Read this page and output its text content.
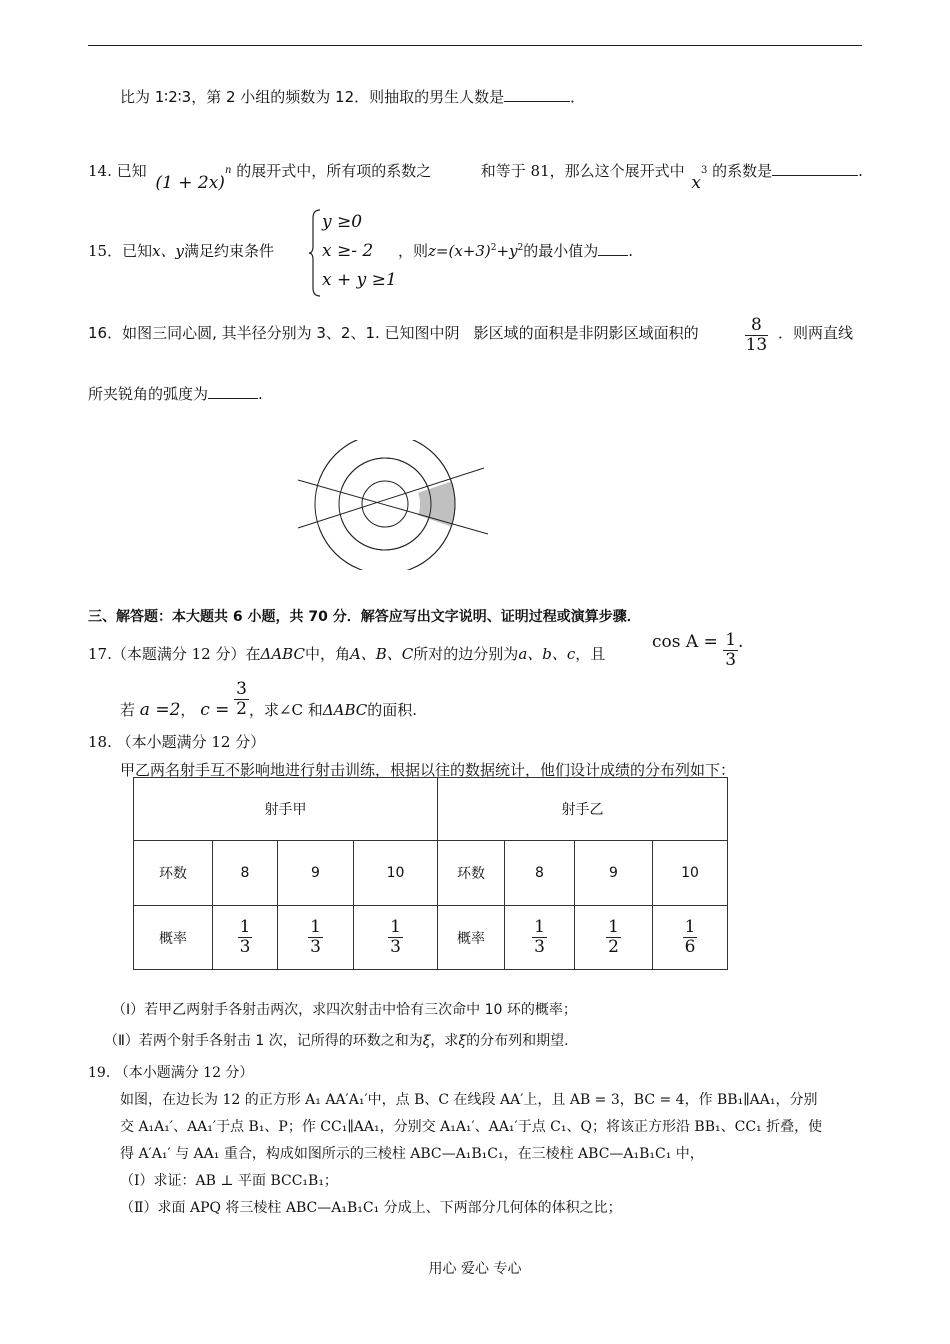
比为 1∶2∶3，第 2 小组的频数为 12．则抽取的男生人数是	．
14. 已知 $(1 + 2x)^n$ 的展开式中，所有项的系数之	和等于 81，那么这个展开式中 $x^3$ 的系数是	.
15．已知x、y满足约束条件
y ≥0
x ≥- 2
x + y ≥1
，则$z=(x+3)^2+y^2$的最小值为 .
16．如图三同心圆, 其半径分别为 3、2、1. 已知图中阴 影区域的面积是非阴影区域面积的	$\frac{8}{13}$ ．则两直线
所夹锐角的弧度为	.
三、解答题：本大题共 6 小题，共 70 分．解答应写出文字说明、证明过程或演算步骤．
17.（本题满分 12 分）在ΔABC中，角A、B、C所对的边分别为a、b、c，且
$\cos A = \frac{1}{3}$ .
若 a =2， $c = \frac{3}{2}$ ，求∠C 和ΔABC的面积.
18. （本小题满分 12 分）
甲乙两名射手互不影响地进行射击训练，根据以往的数据统计，他们设计成绩的分布列如下：
射手甲				射手乙			
环数	8	9	10	环数	8	9	10
概率	$\frac{1}{3}$	$\frac{1}{3}$	$\frac{1}{3}$	概率	$\frac{1}{3}$	$\frac{1}{2}$	$\frac{1}{6}$
（Ⅰ）若甲乙两射手各射击两次，求四次射击中恰有三次命中 10 环的概率；
（Ⅱ）若两个射手各射击 1 次，记所得的环数之和为ξ，求ξ的分布列和期望.
19. （本小题满分 12 分）
如图，在边长为 12 的正方形 A₁ AA′A₁′中，点 B、C 在线段 AA′上，且 AB = 3，BC = 4，作 BB₁∥AA₁，分别
交 A₁A₁′、AA₁′于点 B₁、P；作 CC₁∥AA₁，分别交 A₁A₁′、AA₁′于点 C₁、Q；将该正方形沿 BB₁、CC₁ 折叠，使
得 A′A₁′ 与 AA₁ 重合，构成如图所示的三棱柱 ABC—A₁B₁C₁，在三棱柱 ABC—A₁B₁C₁ 中，
（Ⅰ）求证：AB ⊥ 平面 BCC₁B₁；
（Ⅱ）求面 APQ 将三棱柱 ABC—A₁B₁C₁ 分成上、下两部分几何体的体积之比；
用心 爱心 专心
